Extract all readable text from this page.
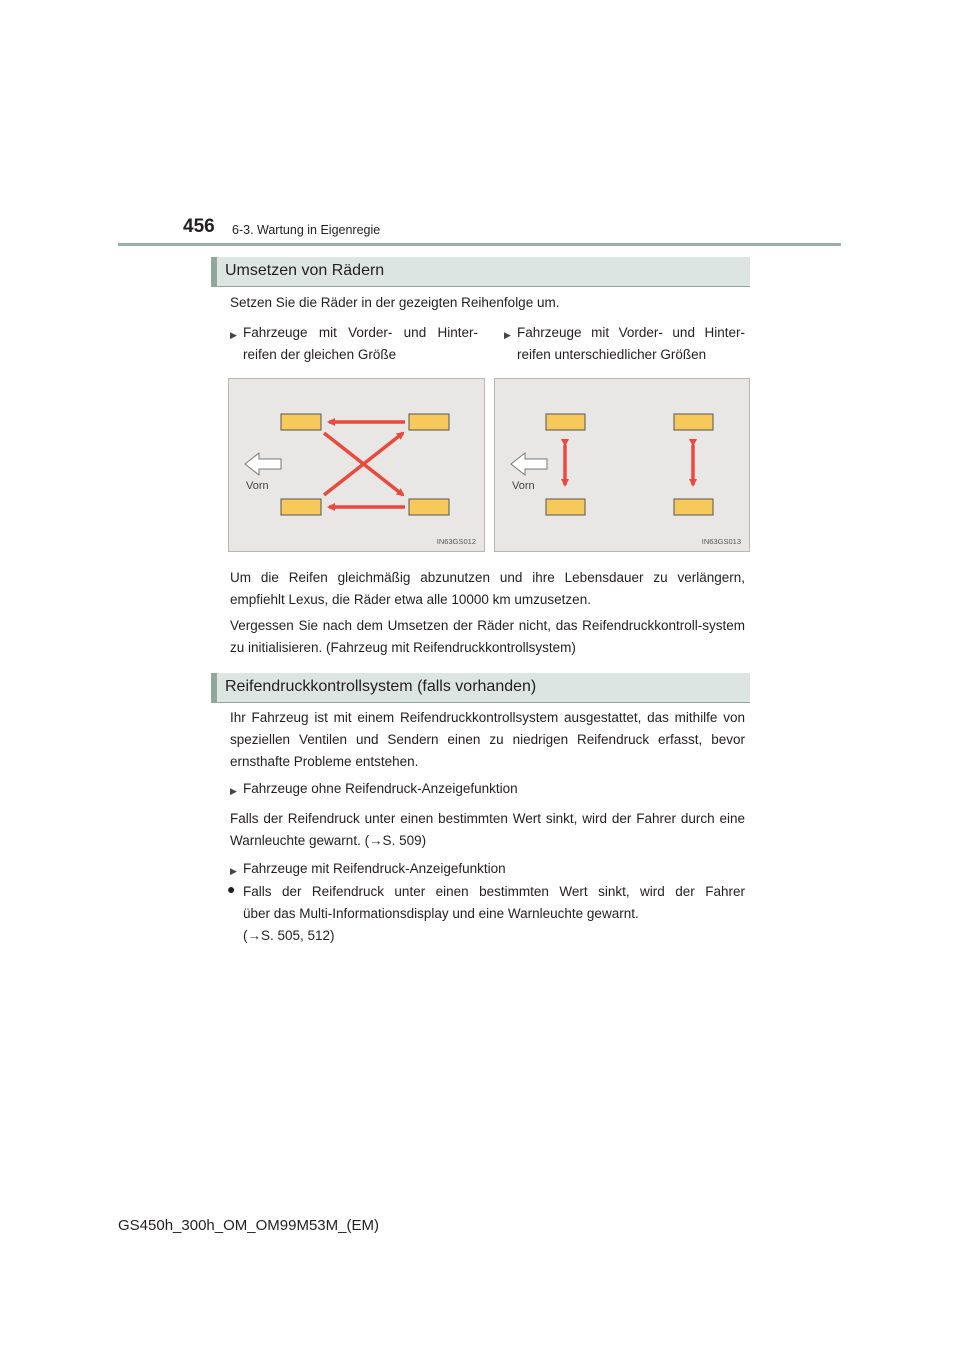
456 6-3. Wartung in Eigenregie
Umsetzen von Rädern
Setzen Sie die Räder in der gezeigten Reihenfolge um.
▶ Fahrzeuge mit Vorder- und Hinter-
reifen der gleichen Größe
▶ Fahrzeuge mit Vorder- und Hinter-
reifen unterschiedlicher Größen
Vorn
IN63GS012
Vorn
IN63GS013
Um die Reifen gleichmäßig abzunutzen und ihre Lebensdauer zu verlängern, empfiehlt Lexus, die Räder etwa alle 10000 km umzusetzen.
Vergessen Sie nach dem Umsetzen der Räder nicht, das Reifendruckkontroll-system zu initialisieren. (Fahrzeug mit Reifendruckkontrollsystem)
Reifendruckkontrollsystem (falls vorhanden)
Ihr Fahrzeug ist mit einem Reifendruckkontrollsystem ausgestattet, das mithilfe von speziellen Ventilen und Sendern einen zu niedrigen Reifendruck erfasst, bevor ernsthafte Probleme entstehen.
▶ Fahrzeuge ohne Reifendruck-Anzeigefunktion
Falls der Reifendruck unter einen bestimmten Wert sinkt, wird der Fahrer durch eine Warnleuchte gewarnt. (→S. 509)
▶ Fahrzeuge mit Reifendruck-Anzeigefunktion
● Falls der Reifendruck unter einen bestimmten Wert sinkt, wird der Fahrer
über das Multi-Informationsdisplay und eine Warnleuchte gewarnt.
(→S. 505, 512)
GS450h_300h_OM_OM99M53M_(EM)
